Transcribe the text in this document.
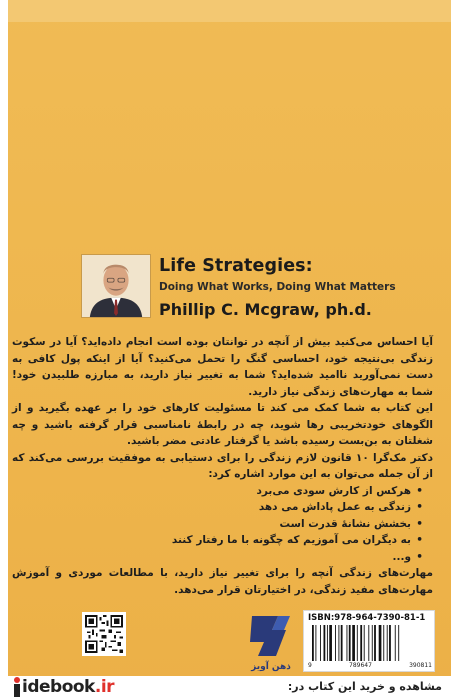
Life Strategies:
Doing What Works, Doing What Matters
Phillip C. Mcgraw, ph.d.

آیا احساس می‌کنید بیش از آنچه در توانتان بوده است انجام داده‌اید؟ آیا در سکوت زندگی بی‌نتیجه خود، احساسی گنگ را تحمل می‌کنید؟ آیا از اینکه پول کافی به دست نمی‌آورید ناامید شده‌اید؟ شما به تغییر نیاز دارید، به مبارزه طلبیدن خود! شما به مهارت‌های زندگی نیاز دارید.

این کتاب به شما کمک می کند تا مسئولیت کارهای خود را بر عهده بگیرید و از الگوهای خودتخریبی رها شوید، چه در رابطهٔ نامناسبی قرار گرفته باشید و چه شغلتان به بن‌بست رسیده باشد یا گرفتار عادتی مضر باشید.

دکتر مک‌گرا ۱۰ قانون لازم زندگی را برای دستیابی به موفقیت بررسی می‌کند که از آن جمله می‌توان به این موارد اشاره کرد:

• هرکس از کارش سودی می‌برد
• زندگی به عمل پاداش می دهد
• بخشش نشانهٔ قدرت است
• به دیگران می آموزیم که چگونه با ما رفتار کنند
• و...

مهارت‌های زندگی آنچه را برای تغییر نیاز دارید، با مطالعات موردی و آموزش مهارت‌های مفید زندگی، در اختیارتان قرار می‌دهد.

ذهن آویز
ISBN:978-964-7390-81-1
9	789647	390811
idebook.ir	مشاهده و خرید این کتاب در:
